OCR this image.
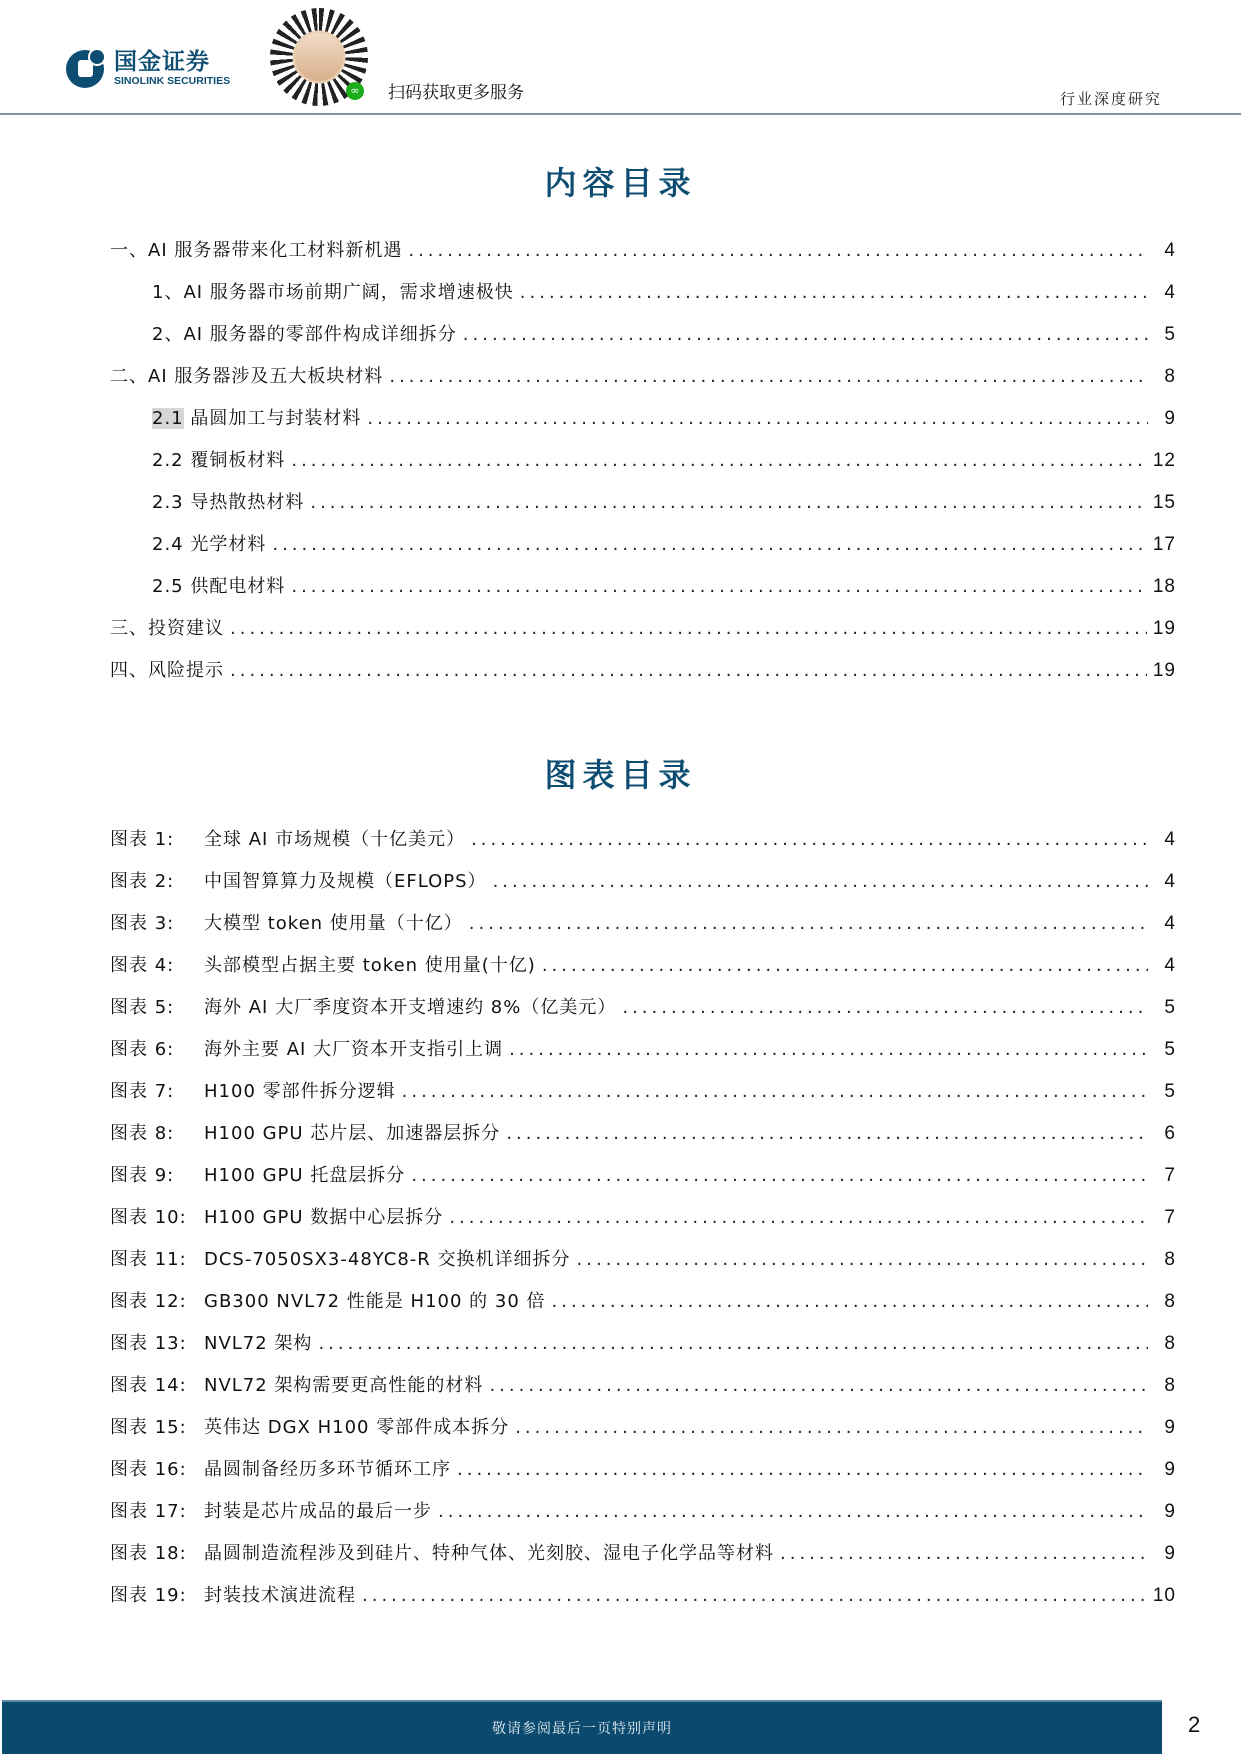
国金证券
SINOLINK SECURITIES
∞ 扫码获取更多服务	行业深度研究
内容目录
一、AI 服务器带来化工材料新机遇 .....	4
1、AI 服务器市场前期广阔，需求增速极快 .....	4
2、AI 服务器的零部件构成详细拆分 .....	5
二、AI 服务器涉及五大板块材料 .....	8
2.1 晶圆加工与封装材料 .....	9
2.2 覆铜板材料 .....	12
2.3 导热散热材料 .....	15
2.4 光学材料 .....	17
2.5 供配电材料 .....	18
三、投资建议 .....	19
四、风险提示 .....	19
图表目录
图表 1: 全球 AI 市场规模（十亿美元） .....	4
图表 2: 中国智算算力及规模（EFLOPS） .....	4
图表 3: 大模型 token 使用量（十亿） .....	4
图表 4: 头部模型占据主要 token 使用量(十亿) .....	4
图表 5: 海外 AI 大厂季度资本开支增速约 8%（亿美元） .....	5
图表 6: 海外主要 AI 大厂资本开支指引上调 .....	5
图表 7: H100 零部件拆分逻辑 .....	5
图表 8: H100 GPU 芯片层、加速器层拆分 .....	6
图表 9: H100 GPU 托盘层拆分 .....	7
图表 10: H100 GPU 数据中心层拆分 .....	7
图表 11: DCS-7050SX3-48YC8-R 交换机详细拆分 .....	8
图表 12: GB300 NVL72 性能是 H100 的 30 倍 .....	8
图表 13: NVL72 架构 .....	8
图表 14: NVL72 架构需要更高性能的材料 .....	8
图表 15: 英伟达 DGX H100 零部件成本拆分 .....	9
图表 16: 晶圆制备经历多环节循环工序 .....	9
图表 17: 封装是芯片成品的最后一步 .....	9
图表 18: 晶圆制造流程涉及到硅片、特种气体、光刻胶、湿电子化学品等材料 .....	9
图表 19: 封装技术演进流程 .....	10
敬请参阅最后一页特别声明	2
